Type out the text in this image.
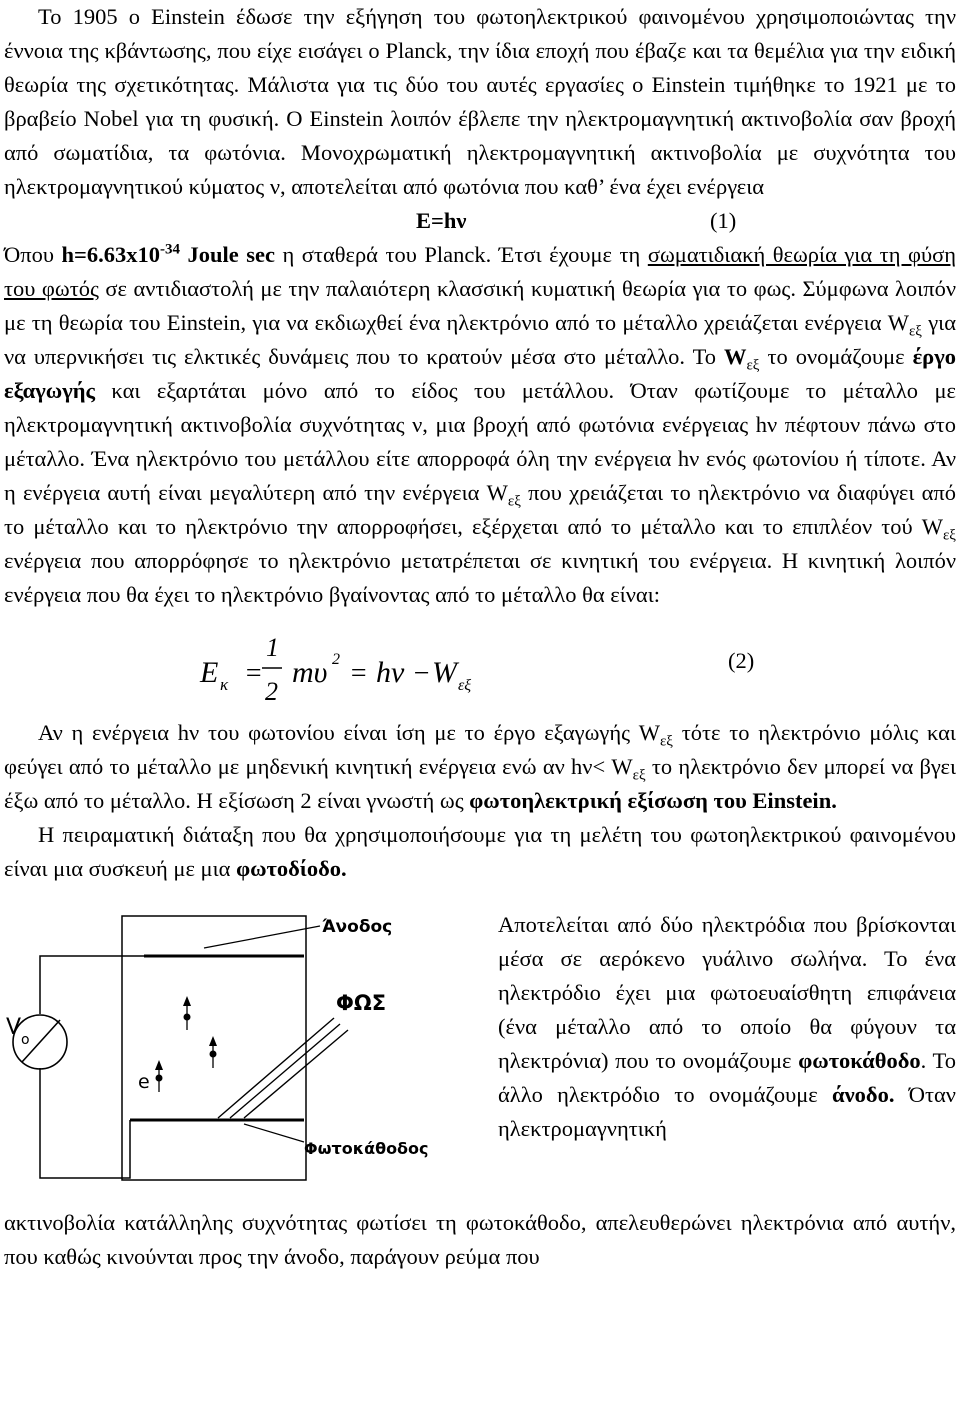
Το 1905 ο Einstein έδωσε την εξήγηση του φωτοηλεκτρικού φαινομένου χρησιμοποιώντας την έννοια της κβάντωσης, που είχε εισάγει ο Planck, την ίδια εποχή που έβαζε και τα θεμέλια για την ειδική θεωρία της σχετικότητας. Μάλιστα για τις δύο του αυτές εργασίες ο Einstein τιμήθηκε το 1921 με το βραβείο Nobel για τη φυσική. Ο Einstein λοιπόν έβλεπε την ηλεκτρομαγνητική ακτινοβολία σαν βροχή από σωματίδια, τα φωτόνια. Μονοχρωματική ηλεκτρομαγνητική ακτινοβολία με συχνότητα του ηλεκτρομαγνητικού κύματος ν, αποτελείται από φωτόνια που καθ’ ένα έχει ενέργεια

E=hν	(1)

Όπου $h=6.63x10^{-34}$ Joule sec η σταθερά του Planck. Έτσι έχουμε τη σωματιδιακή θεωρία για τη φύση του φωτός σε αντιδιαστολή με την παλαιότερη κλασσική κυματική θεωρία για το φως. Σύμφωνα λοιπόν με τη θεωρία του Einstein, για να εκδιωχθεί ένα ηλεκτρόνιο από το μέταλλο χρειάζεται ενέργεια $W_{\varepsilon\xi}$ για να υπερνικήσει τις ελκτικές δυνάμεις που το κρατούν μέσα στο μέταλλο. Το $W_{\varepsilon\xi}$ το ονομάζουμε έργο εξαγωγής και εξαρτάται μόνο από το είδος του μετάλλου. Όταν φωτίζουμε το μέταλλο με ηλεκτρομαγνητική ακτινοβολία συχνότητας ν, μια βροχή από φωτόνια ενέργειας hν πέφτουν πάνω στο μέταλλο. Ένα ηλεκτρόνιο του μετάλλου είτε απορροφά όλη την ενέργεια hν ενός φωτονίου ή τίποτε. Αν η ενέργεια αυτή είναι μεγαλύτερη από την ενέργεια $W_{\varepsilon\xi}$ που χρειάζεται το ηλεκτρόνιο να διαφύγει από το μέταλλο και το ηλεκτρόνιο την απορροφήσει, εξέρχεται από το μέταλλο και το επιπλέον τού $W_{\varepsilon\xi}$ ενέργεια που απορρόφησε το ηλεκτρόνιο μετατρέπεται σε κινητική του ενέργεια. Η κινητική λοιπόν ενέργεια που θα έχει το ηλεκτρόνιο βγαίνοντας από το μέταλλο θα είναι:

E κ =
1
2
mυ 2 = hν − W εξ
(2)

Αν η ενέργεια hν του φωτονίου είναι ίση με το έργο εξαγωγής $W_{\varepsilon\xi}$ τότε το ηλεκτρόνιο μόλις και φεύγει από το μέταλλο με μηδενική κινητική ενέργεια ενώ αν $h\nu< W_{\varepsilon\xi}$ το ηλεκτρόνιο δεν μπορεί να βγει έξω από το μέταλλο. Η εξίσωση 2 είναι γνωστή ως φωτοηλεκτρική εξίσωση του Einstein.

Η πειραματική διάταξη που θα χρησιμοποιήσουμε για τη μελέτη του φωτοηλεκτρικού φαινομένου είναι μια συσκευή με μια φωτοδίοδο.

Άνοδος
ΦΩΣ
Φωτοκάθοδος
V o
e

Αποτελείται από δύο ηλεκτρόδια που βρίσκονται μέσα σε αερόκενο γυάλινο σωλήνα. Το ένα ηλεκτρόδιο έχει μια φωτοευαίσθητη επιφάνεια (ένα μέταλλο από το οποίο θα φύγουν τα ηλεκτρόνια) που το ονομάζουμε φωτοκάθοδο. Το άλλο ηλεκτρόδιο το ονομάζουμε άνοδο. Όταν ηλεκτρομαγνητική

ακτινοβολία κατάλληλης συχνότητας φωτίσει τη φωτοκάθοδο, απελευθερώνει ηλεκτρόνια από αυτήν, που καθώς κινούνται προς την άνοδο, παράγουν ρεύμα που
